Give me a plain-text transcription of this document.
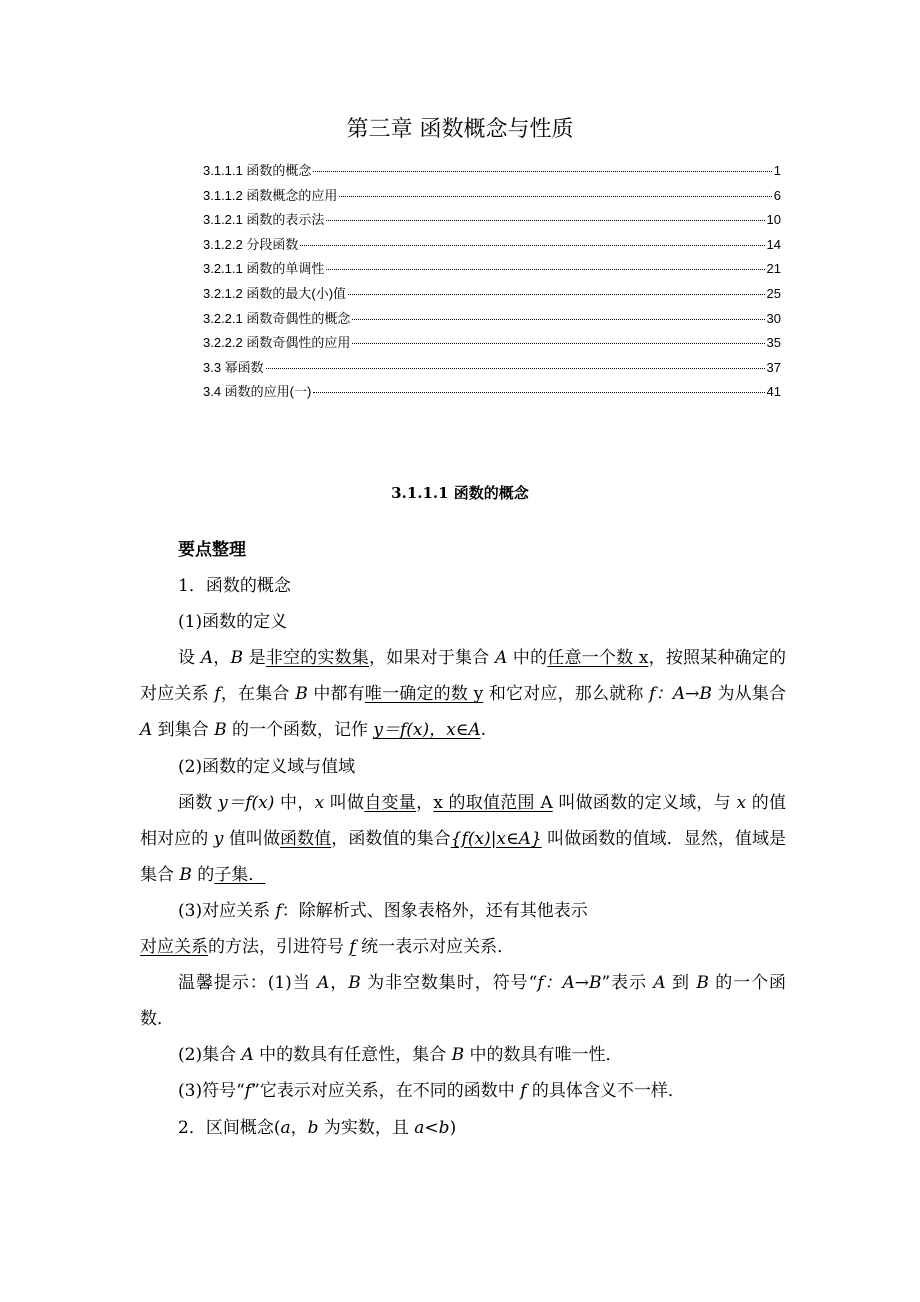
第三章 函数概念与性质
3.1.1.1 函数的概念	1
3.1.1.2 函数概念的应用	6
3.1.2.1 函数的表示法	10
3.1.2.2 分段函数	14
3.2.1.1 函数的单调性	21
3.2.1.2 函数的最大(小)值	25
3.2.2.1 函数奇偶性的概念	30
3.2.2.2 函数奇偶性的应用	35
3.3 幂函数	37
3.4 函数的应用(一)	41
3.1.1.1 函数的概念
要点整理
1．函数的概念
(1)函数的定义
设 A，B 是非空的实数集，如果对于集合 A 中的任意一个数 x，按照某种确定的对应关系 f，在集合 B 中都有唯一确定的数 y 和它对应，那么就称 f：A→B 为从集合 A 到集合 B 的一个函数，记作 y＝f(x)，x∈A.
(2)函数的定义域与值域
函数 y＝f(x) 中，x 叫做自变量，x 的取值范围 A 叫做函数的定义域，与 x 的值相对应的 y 值叫做函数值，函数值的集合{f(x)|x∈A} 叫做函数的值域．显然，值域是集合 B 的子集．
(3)对应关系 f：除解析式、图象表格外，还有其他表示
对应关系的方法，引进符号 f 统一表示对应关系．
温馨提示：(1)当 A，B 为非空数集时，符号“f：A→B”表示 A 到 B 的一个函数．
(2)集合 A 中的数具有任意性，集合 B 中的数具有唯一性．
(3)符号“f”它表示对应关系，在不同的函数中 f 的具体含义不一样．
2．区间概念(a，b 为实数，且 a<b)
